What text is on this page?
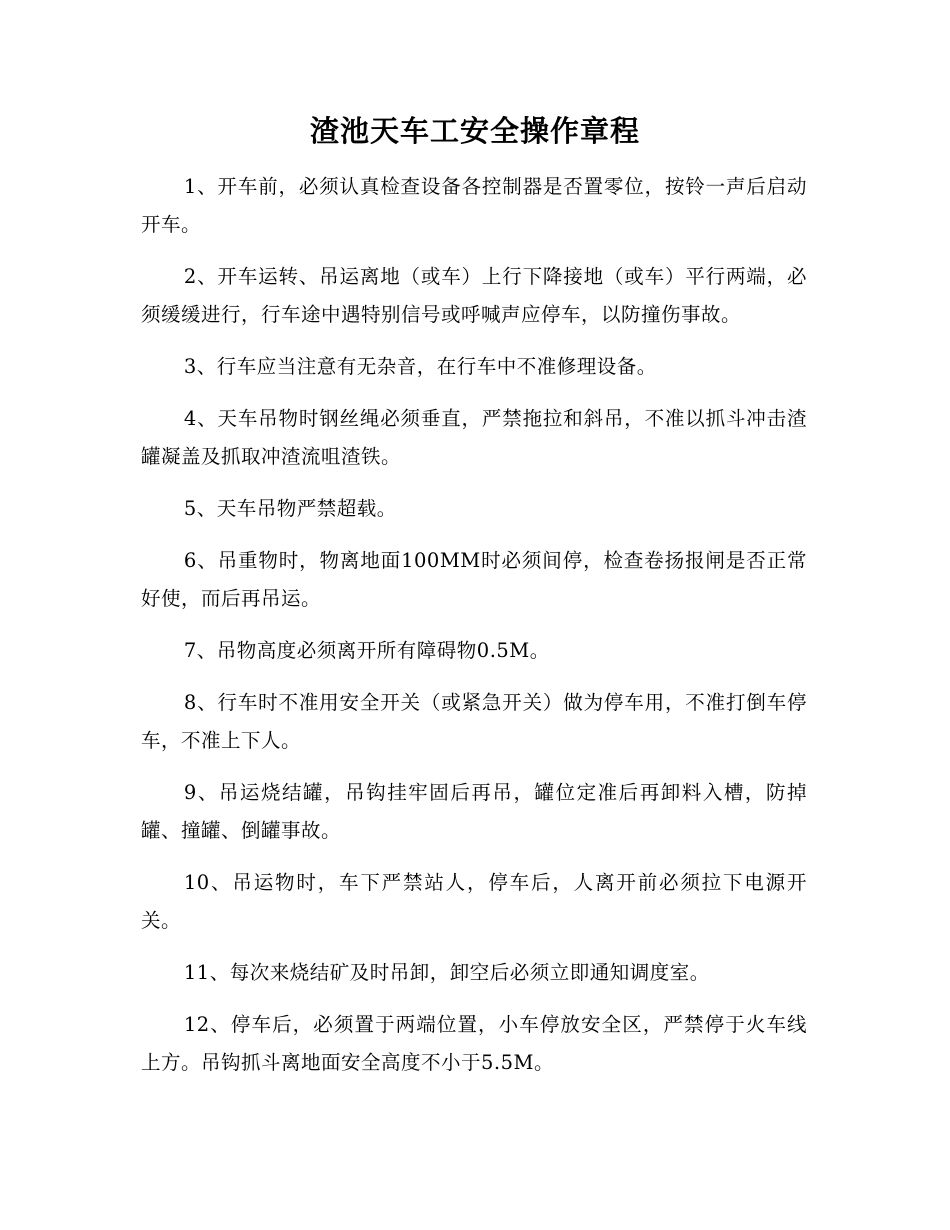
渣池天车工安全操作章程

1、开车前，必须认真检查设备各控制器是否置零位，按铃一声后启动开车。

2、开车运转、吊运离地（或车）上行下降接地（或车）平行两端，必须缓缓进行，行车途中遇特别信号或呼喊声应停车，以防撞伤事故。

3、行车应当注意有无杂音，在行车中不准修理设备。

4、天车吊物时钢丝绳必须垂直，严禁拖拉和斜吊，不准以抓斗冲击渣罐凝盖及抓取冲渣流咀渣铁。

5、天车吊物严禁超载。

6、吊重物时，物离地面100MM时必须间停，检查卷扬报闸是否正常好使，而后再吊运。

7、吊物高度必须离开所有障碍物0.5M。

8、行车时不准用安全开关（或紧急开关）做为停车用，不准打倒车停车，不准上下人。

9、吊运烧结罐，吊钩挂牢固后再吊，罐位定准后再卸料入槽，防掉罐、撞罐、倒罐事故。

10、吊运物时，车下严禁站人，停车后，人离开前必须拉下电源开关。

11、每次来烧结矿及时吊卸，卸空后必须立即通知调度室。

12、停车后，必须置于两端位置，小车停放安全区，严禁停于火车线上方。吊钩抓斗离地面安全高度不小于5.5M。
